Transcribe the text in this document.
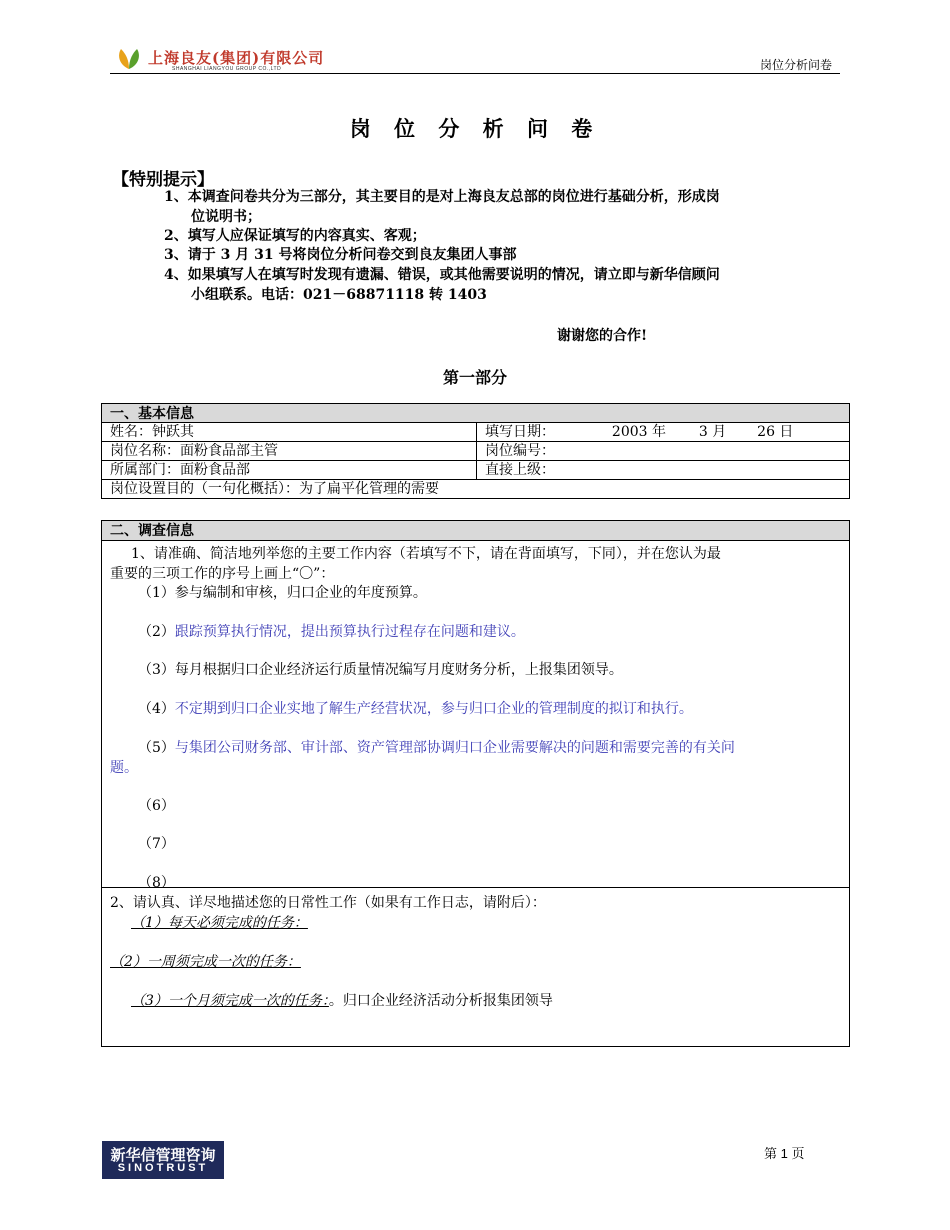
上海良友(集团)有限公司
SHANGHAI LIANGYOU GROUP CO.,LTD	岗位分析问卷
岗 位 分 析 问 卷
【特别提示】
1、本调查问卷共分为三部分，其主要目的是对上海良友总部的岗位进行基础分析，形成岗
位说明书；
2、填写人应保证填写的内容真实、客观；
3、请于 3 月 31 号将岗位分析问卷交到良友集团人事部
4、如果填写人在填写时发现有遗漏、错误，或其他需要说明的情况，请立即与新华信顾问
小组联系。电话：021－68871118 转 1403
谢谢您的合作!
第一部分
一、基本信息	
姓名：钟跃其	填写日期： 2003 年 3 月 26 日
岗位名称：面粉食品部主管	岗位编号：
所属部门：面粉食品部	直接上级：
岗位设置目的（一句化概括）：为了扁平化管理的需要	
二、调查信息
1、请准确、简洁地列举您的主要工作内容（若填写不下，请在背面填写，下同），并在您认为最
重要的三项工作的序号上画上“〇”：
（1）参与编制和审核，归口企业的年度预算。
（2）跟踪预算执行情况，提出预算执行过程存在问题和建议。
（3）每月根据归口企业经济运行质量情况编写月度财务分析，上报集团领导。
（4）不定期到归口企业实地了解生产经营状况，参与归口企业的管理制度的拟订和执行。
（5）与集团公司财务部、审计部、资产管理部协调归口企业需要解决的问题和需要完善的有关问
题。
（6）
（7）
（8）
2、请认真、详尽地描述您的日常性工作（如果有工作日志，请附后）：
（1）每天必须完成的任务：
（2）一周须完成一次的任务：
（3）一个月须完成一次的任务：。归口企业经济活动分析报集团领导
新华信管理咨询
SINOTRUST
第 1 页
